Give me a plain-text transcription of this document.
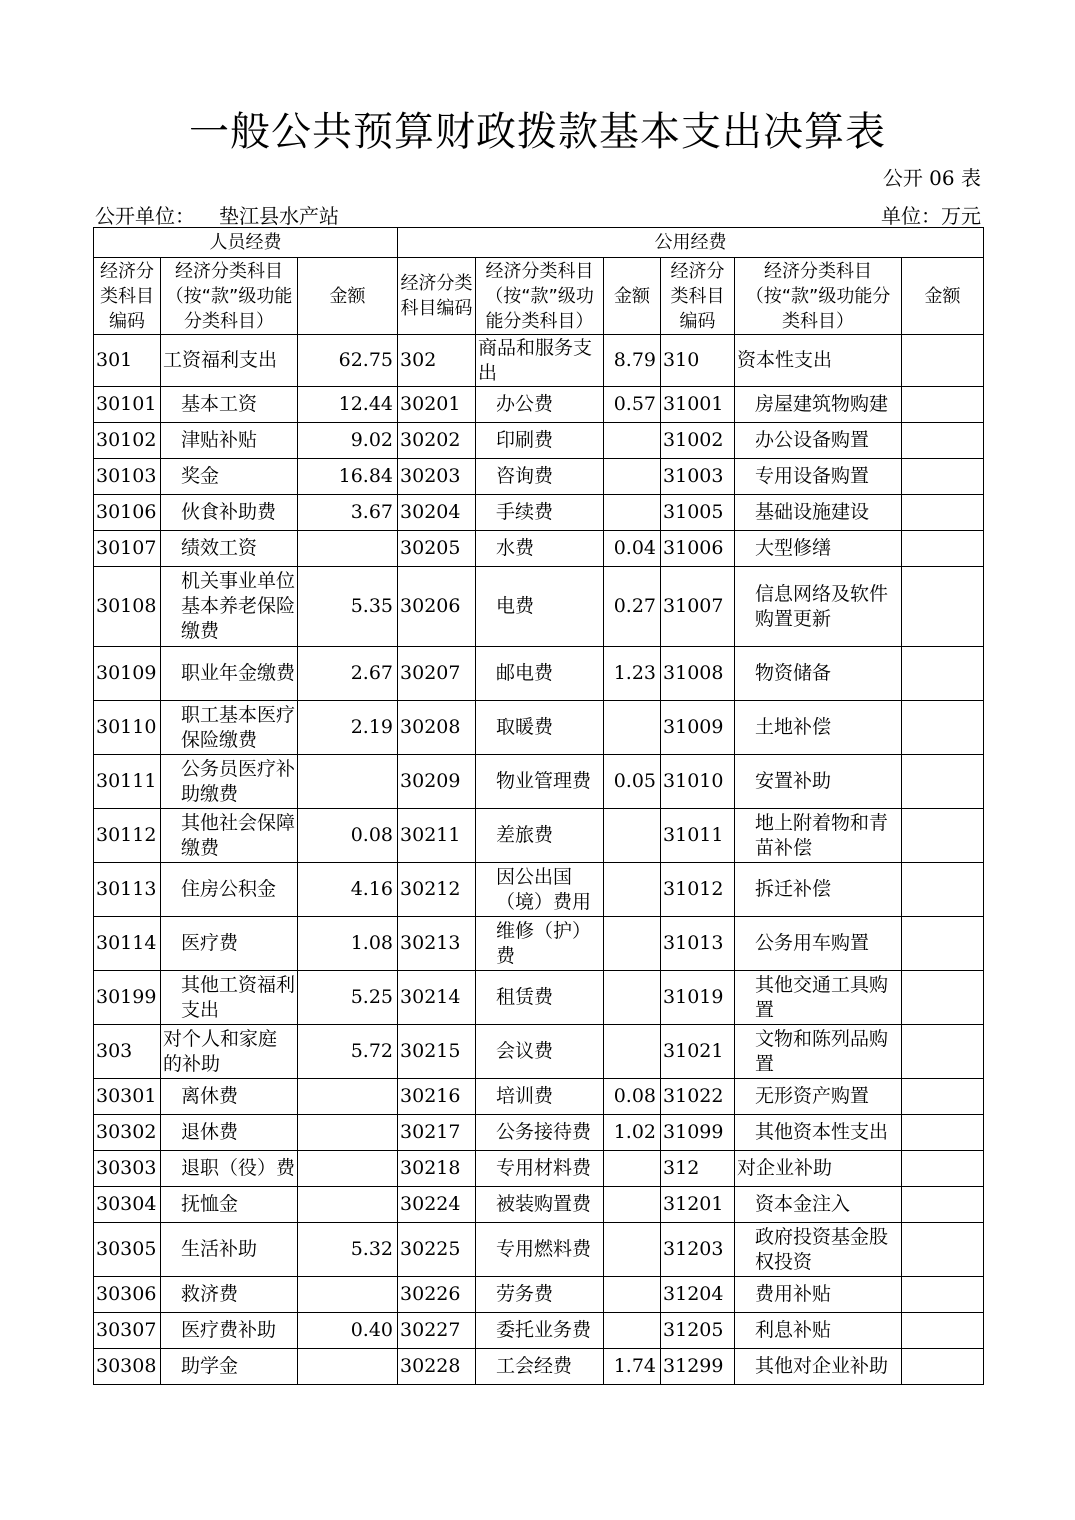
一般公共预算财政拨款基本支出决算表
公开 06 表
公开单位： 垫江县水产站	单位：万元
人员经费			公用经费					
经济分类科目编码	经济分类科目（按“款”级功能分类科目）	金额	经济分类科目编码	经济分类科目（按“款”级功能分类科目）	金额	经济分类科目编码	经济分类科目（按“款”级功能分类科目）	金额
301	工资福利支出	62.75	302	商品和服务支出	8.79	310	资本性支出	
30101	基本工资	12.44	30201	办公费	0.57	31001	房屋建筑物购建	
30102	津贴补贴	9.02	30202	印刷费		31002	办公设备购置	
30103	奖金	16.84	30203	咨询费		31003	专用设备购置	
30106	伙食补助费	3.67	30204	手续费		31005	基础设施建设	
30107	绩效工资		30205	水费	0.04	31006	大型修缮	
30108	机关事业单位基本养老保险缴费	5.35	30206	电费	0.27	31007	信息网络及软件购置更新	
30109	职业年金缴费	2.67	30207	邮电费	1.23	31008	物资储备	
30110	职工基本医疗保险缴费	2.19	30208	取暖费		31009	土地补偿	
30111	公务员医疗补助缴费		30209	物业管理费	0.05	31010	安置补助	
30112	其他社会保障缴费	0.08	30211	差旅费		31011	地上附着物和青苗补偿	
30113	住房公积金	4.16	30212	因公出国（境）费用		31012	拆迁补偿	
30114	医疗费	1.08	30213	维修（护）费		31013	公务用车购置	
30199	其他工资福利支出	5.25	30214	租赁费		31019	其他交通工具购置	
303	对个人和家庭的补助	5.72	30215	会议费		31021	文物和陈列品购置	
30301	离休费		30216	培训费	0.08	31022	无形资产购置	
30302	退休费		30217	公务接待费	1.02	31099	其他资本性支出	
30303	退职（役）费		30218	专用材料费		312	对企业补助	
30304	抚恤金		30224	被装购置费		31201	资本金注入	
30305	生活补助	5.32	30225	专用燃料费		31203	政府投资基金股权投资	
30306	救济费		30226	劳务费		31204	费用补贴	
30307	医疗费补助	0.40	30227	委托业务费		31205	利息补贴	
30308	助学金		30228	工会经费	1.74	31299	其他对企业补助	
